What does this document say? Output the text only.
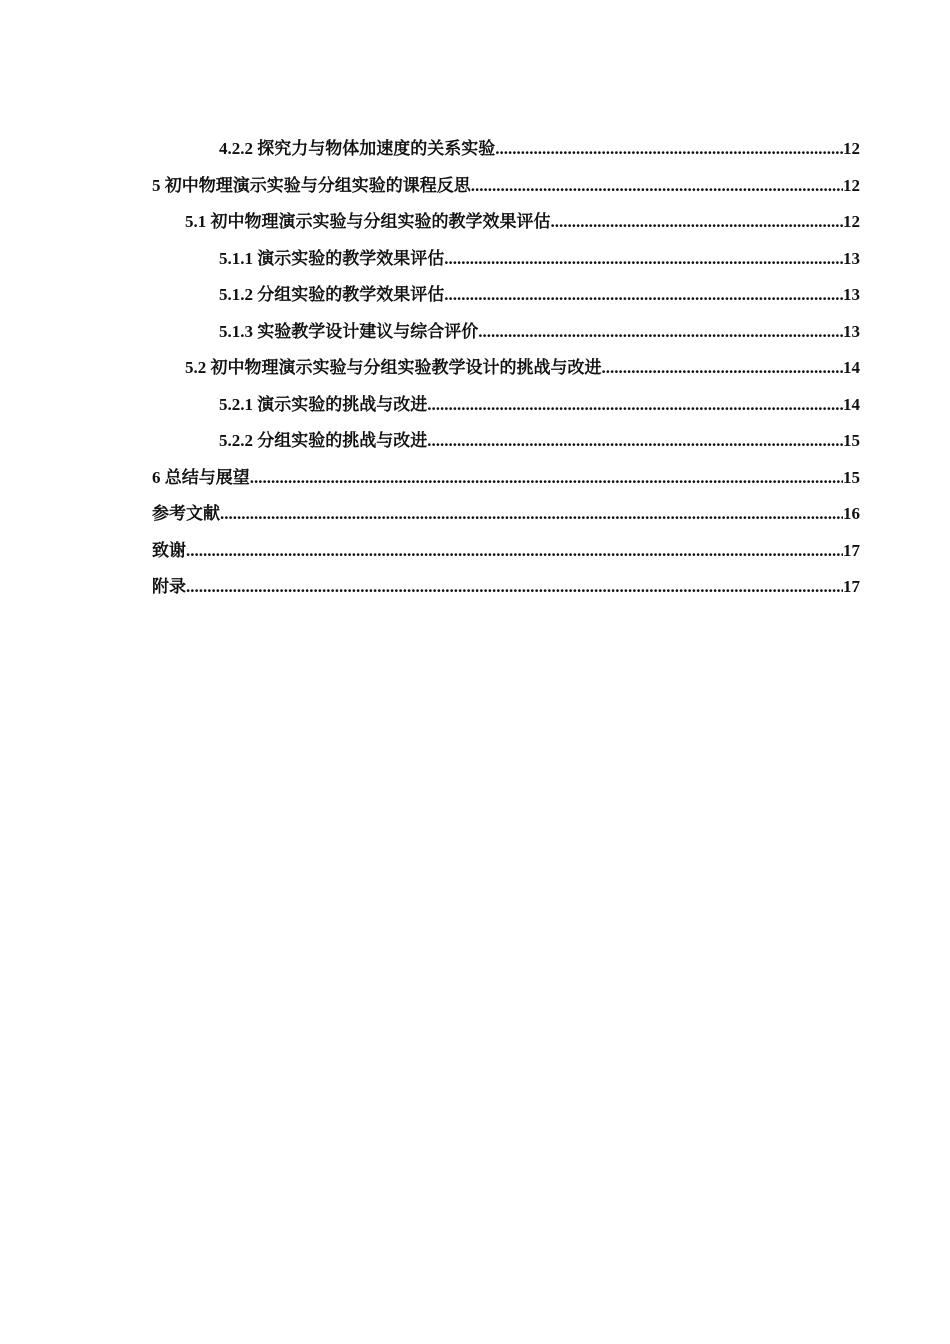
4.2.2 探究力与物体加速度的关系实验 .....	12
5 初中物理演示实验与分组实验的课程反思 .....	12
5.1 初中物理演示实验与分组实验的教学效果评估 .....	12
5.1.1 演示实验的教学效果评估 .....	13
5.1.2 分组实验的教学效果评估 .....	13
5.1.3 实验教学设计建议与综合评价 .....	13
5.2 初中物理演示实验与分组实验教学设计的挑战与改进 .....	14
5.2.1 演示实验的挑战与改进 .....	14
5.2.2 分组实验的挑战与改进 .....	15
6 总结与展望 .....	15
参考文献 .....	16
致谢 .....	17
附录 .....	17
